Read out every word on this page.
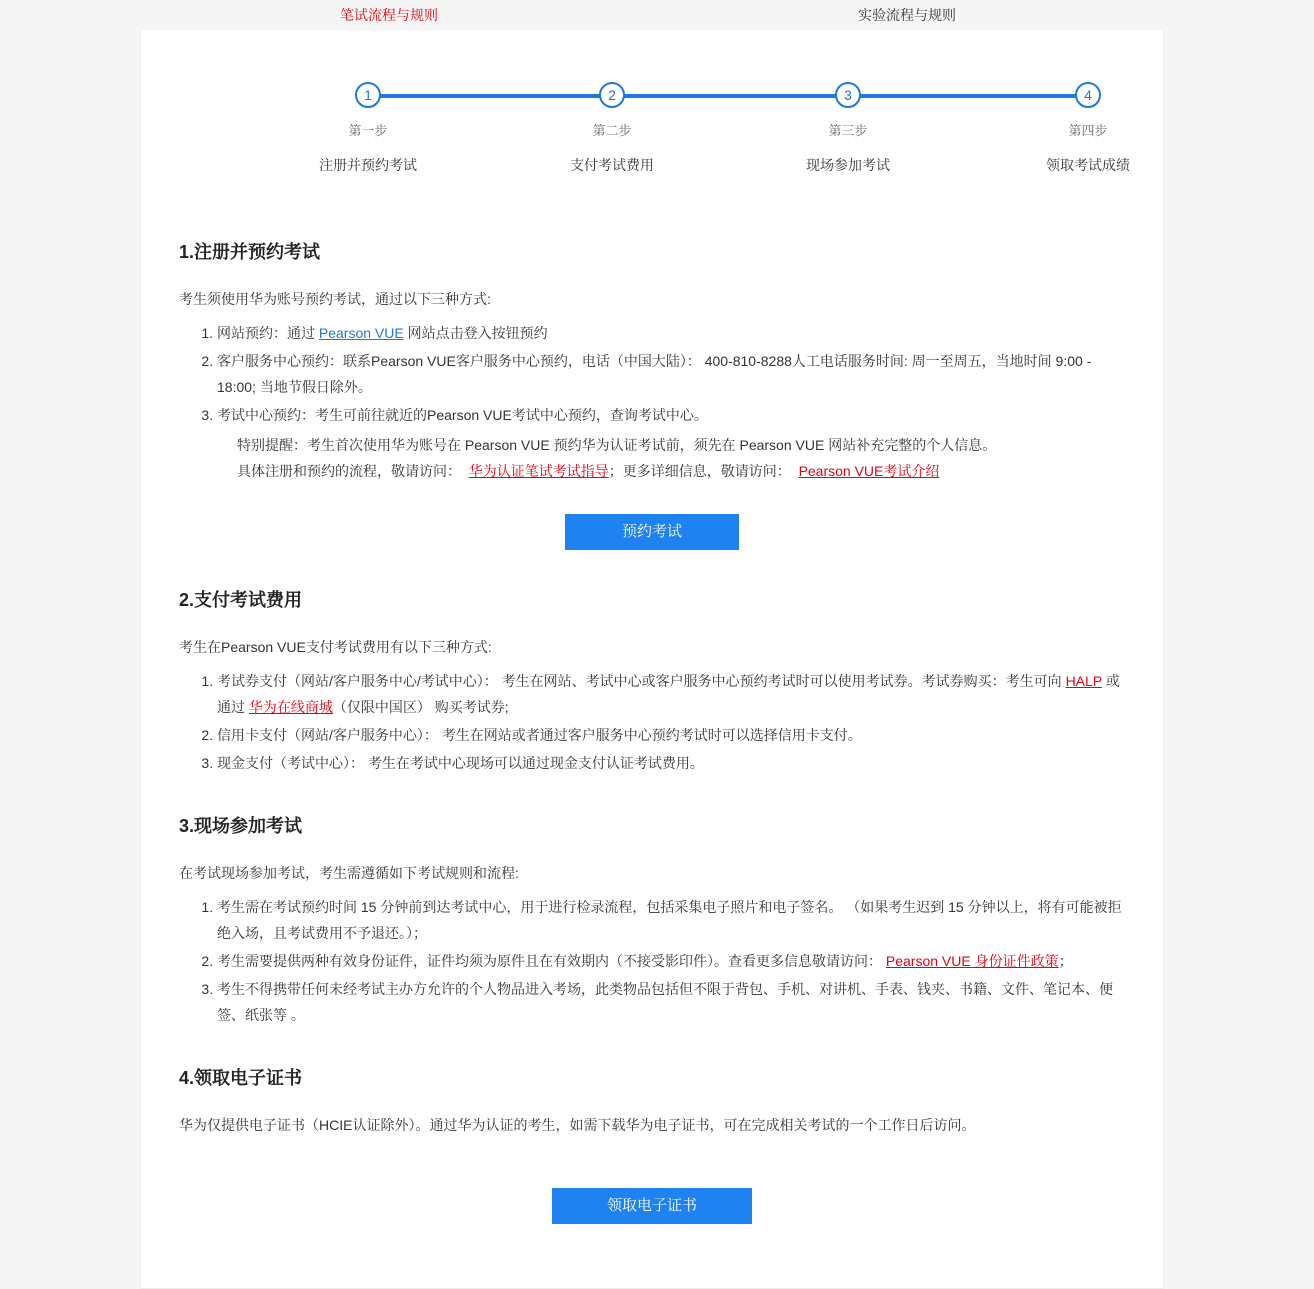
笔试流程与规则	实验流程与规则
1
第一步
注册并预约考试
2
第二步
支付考试费用
3
第三步
现场参加考试
4
第四步
领取考试成绩
1.注册并预约考试

考生须使用华为账号预约考试，通过以下三种方式:

1. 网站预约：通过 Pearson VUE 网站点击登入按钮预约
2. 客户服务中心预约：联系Pearson VUE客户服务中心预约，电话（中国大陆）： 400-810-8288人工电话服务时间: 周一至周五，当地时间 9:00 - 18:00; 当地节假日除外。
3. 考试中心预约：考生可前往就近的Pearson VUE考试中心预约，查询考试中心。

特别提醒：考生首次使用华为账号在 Pearson VUE 预约华为认证考试前，须先在 Pearson VUE 网站补充完整的个人信息。

具体注册和预约的流程，敬请访问： 华为认证笔试考试指导；更多详细信息，敬请访问： Pearson VUE考试介绍

预约考试
2.支付考试费用

考生在Pearson VUE支付考试费用有以下三种方式:

1. 考试券支付（网站/客户服务中心/考试中心）： 考生在网站、考试中心或客户服务中心预约考试时可以使用考试券。考试券购买：考生可向 HALP 或通过 华为在线商城（仅限中国区） 购买考试券;
2. 信用卡支付（网站/客户服务中心）： 考生在网站或者通过客户服务中心预约考试时可以选择信用卡支付。
3. 现金支付（考试中心）： 考生在考试中心现场可以通过现金支付认证考试费用。
3.现场参加考试

在考试现场参加考试，考生需遵循如下考试规则和流程:

1. 考生需在考试预约时间 15 分钟前到达考试中心，用于进行检录流程，包括采集电子照片和电子签名。 （如果考生迟到 15 分钟以上，将有可能被拒绝入场，且考试费用不予退还。）；
2. 考生需要提供两种有效身份证件，证件均须为原件且在有效期内（不接受影印件）。查看更多信息敬请访问： Pearson VUE 身份证件政策；
3. 考生不得携带任何未经考试主办方允许的个人物品进入考场，此类物品包括但不限于背包、手机、对讲机、手表、钱夹、书籍、文件、笔记本、便签、纸张等 。
4.领取电子证书

华为仅提供电子证书（HCIE认证除外）。通过华为认证的考生，如需下载华为电子证书，可在完成相关考试的一个工作日后访问。

领取电子证书
